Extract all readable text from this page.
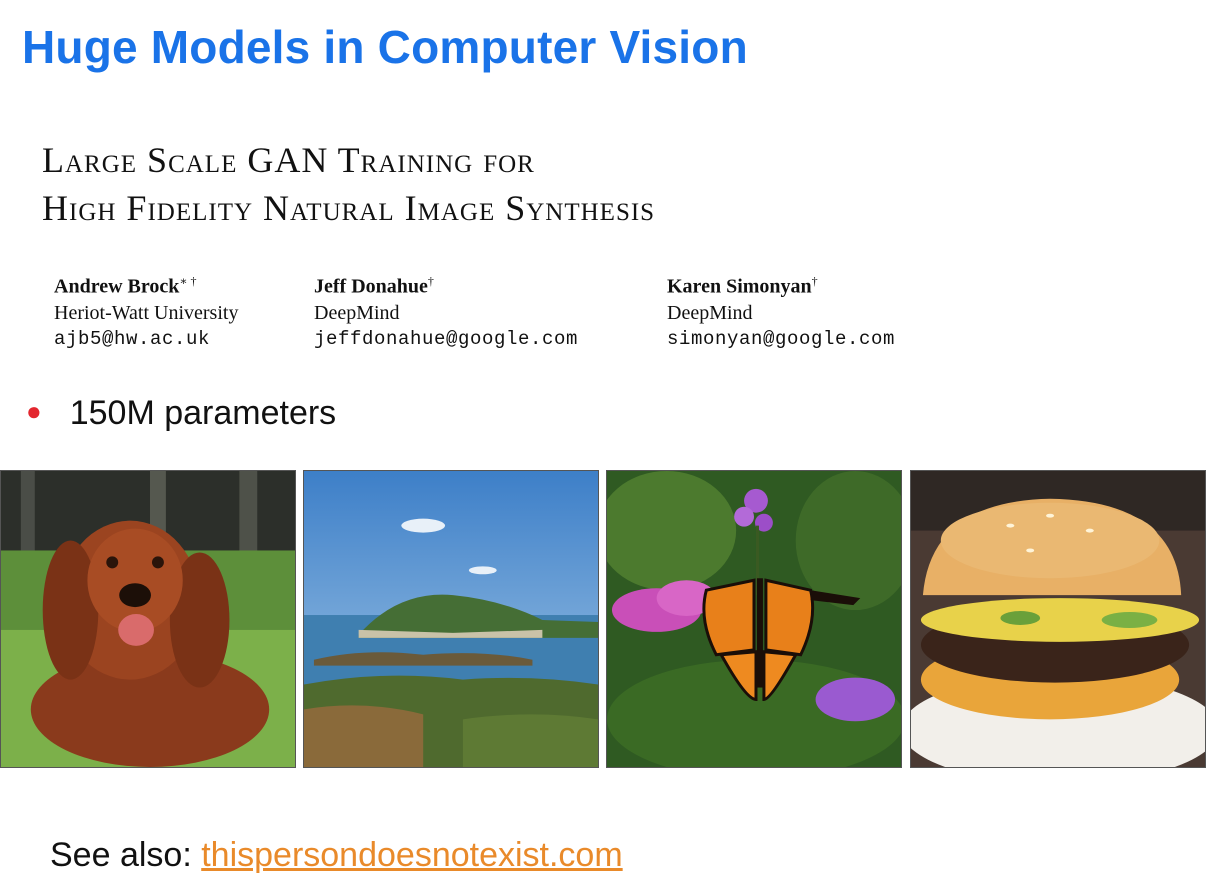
Huge Models in Computer Vision
Large Scale GAN Training for
High Fidelity Natural Image Synthesis
Andrew Brock∗ †
Heriot-Watt University
ajb5@hw.ac.uk
Jeff Donahue†
DeepMind
jeffdonahue@google.com
Karen Simonyan†
DeepMind
simonyan@google.com
● 150M parameters
See also: thispersondoesnotexist.com
